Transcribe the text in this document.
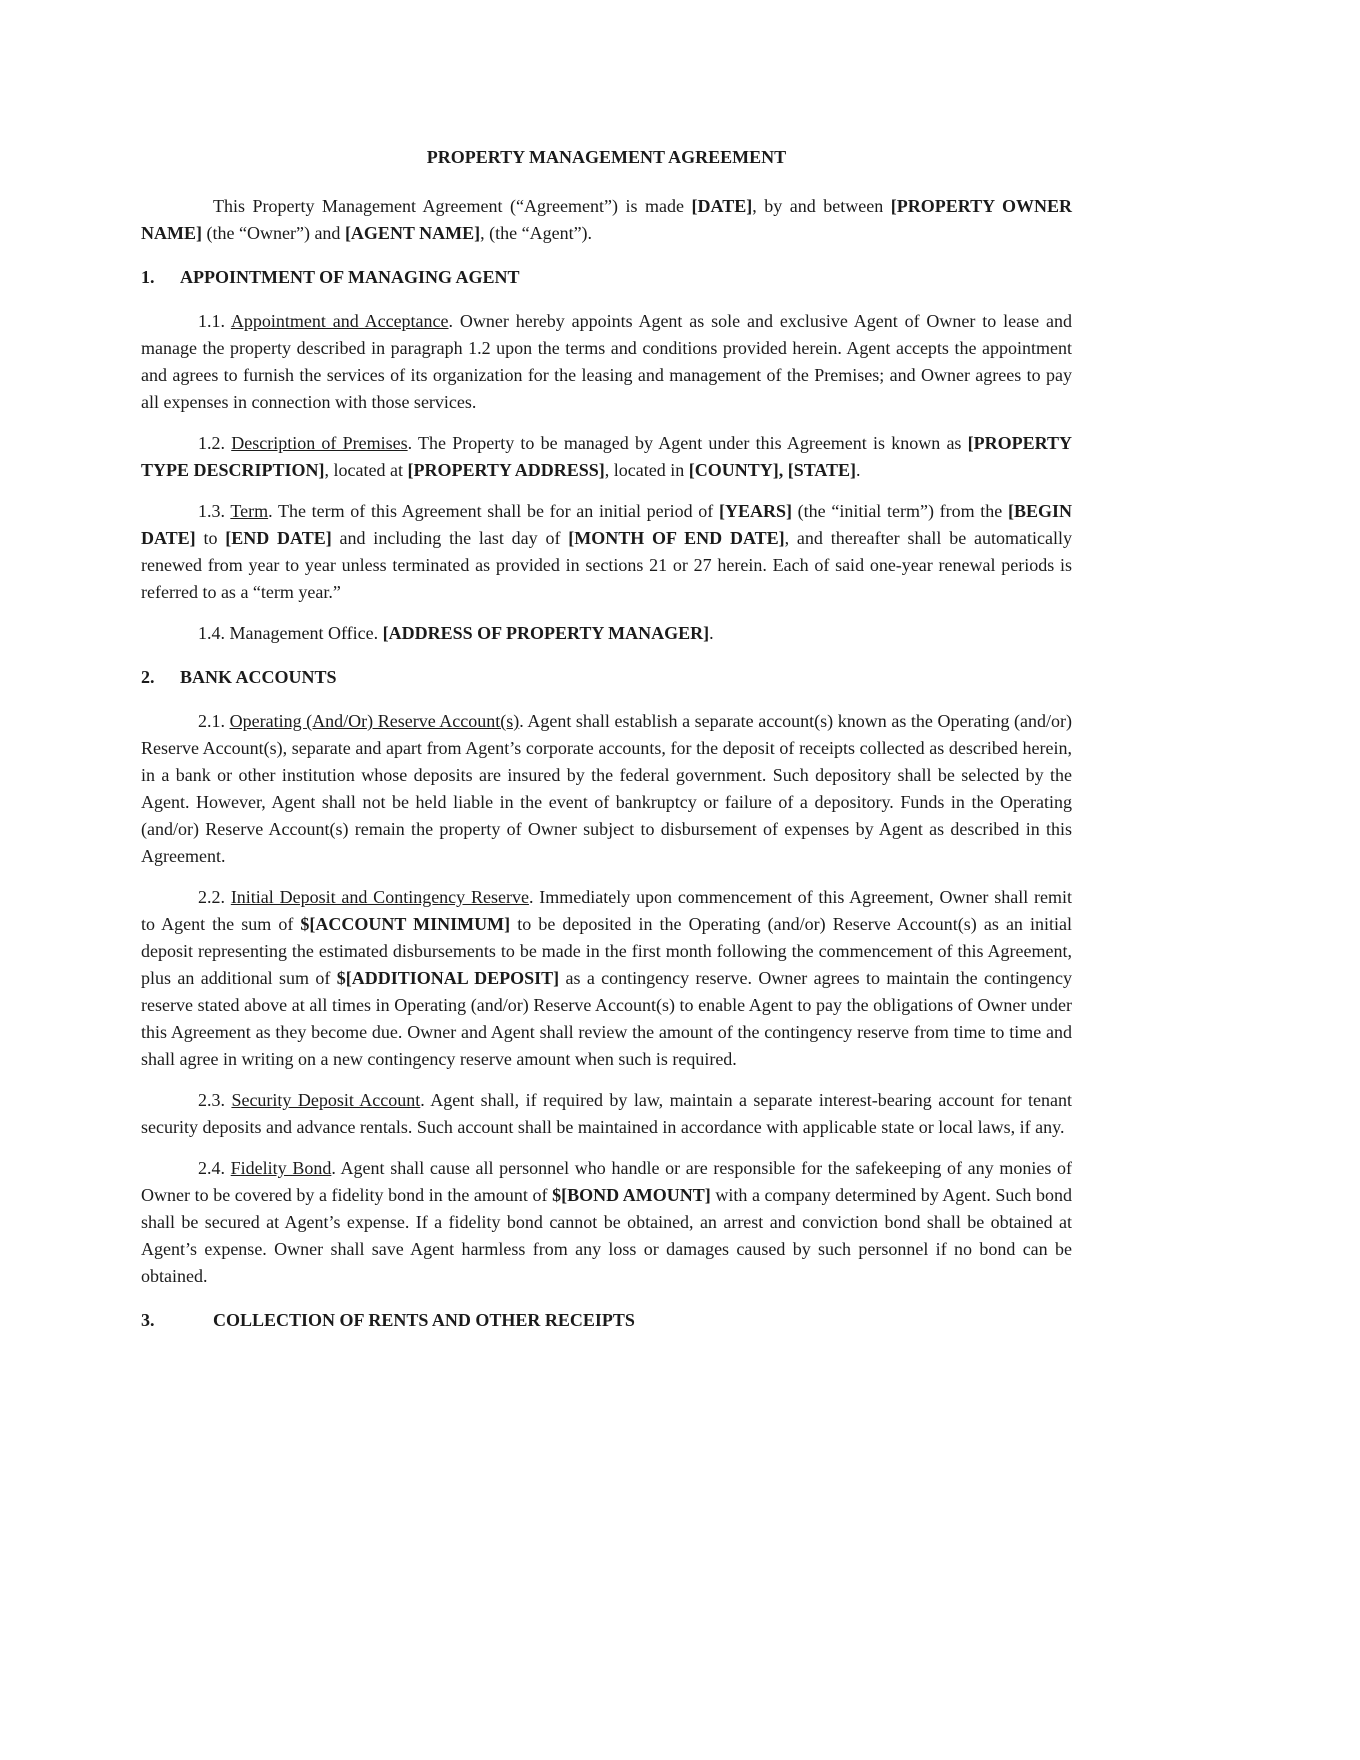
PROPERTY MANAGEMENT AGREEMENT

This Property Management Agreement (“Agreement”) is made [DATE], by and between [PROPERTY OWNER NAME] (the “Owner”) and [AGENT NAME], (the “Agent”).

1. APPOINTMENT OF MANAGING AGENT

1.1. Appointment and Acceptance. Owner hereby appoints Agent as sole and exclusive Agent of Owner to lease and manage the property described in paragraph 1.2 upon the terms and conditions provided herein. Agent accepts the appointment and agrees to furnish the services of its organization for the leasing and management of the Premises; and Owner agrees to pay all expenses in connection with those services.

1.2. Description of Premises. The Property to be managed by Agent under this Agreement is known as [PROPERTY TYPE DESCRIPTION], located at [PROPERTY ADDRESS], located in [COUNTY], [STATE].

1.3. Term. The term of this Agreement shall be for an initial period of [YEARS] (the “initial term”) from the [BEGIN DATE] to [END DATE] and including the last day of [MONTH OF END DATE], and thereafter shall be automatically renewed from year to year unless terminated as provided in sections 21 or 27 herein. Each of said one-year renewal periods is referred to as a “term year.”

1.4. Management Office. [ADDRESS OF PROPERTY MANAGER].

2. BANK ACCOUNTS

2.1. Operating (And/Or) Reserve Account(s). Agent shall establish a separate account(s) known as the Operating (and/or) Reserve Account(s), separate and apart from Agent’s corporate accounts, for the deposit of receipts collected as described herein, in a bank or other institution whose deposits are insured by the federal government. Such depository shall be selected by the Agent. However, Agent shall not be held liable in the event of bankruptcy or failure of a depository. Funds in the Operating (and/or) Reserve Account(s) remain the property of Owner subject to disbursement of expenses by Agent as described in this Agreement.

2.2. Initial Deposit and Contingency Reserve. Immediately upon commencement of this Agreement, Owner shall remit to Agent the sum of $[ACCOUNT MINIMUM] to be deposited in the Operating (and/or) Reserve Account(s) as an initial deposit representing the estimated disbursements to be made in the first month following the commencement of this Agreement, plus an additional sum of $[ADDITIONAL DEPOSIT] as a contingency reserve. Owner agrees to maintain the contingency reserve stated above at all times in Operating (and/or) Reserve Account(s) to enable Agent to pay the obligations of Owner under this Agreement as they become due. Owner and Agent shall review the amount of the contingency reserve from time to time and shall agree in writing on a new contingency reserve amount when such is required.

2.3. Security Deposit Account. Agent shall, if required by law, maintain a separate interest-bearing account for tenant security deposits and advance rentals. Such account shall be maintained in accordance with applicable state or local laws, if any.

2.4. Fidelity Bond. Agent shall cause all personnel who handle or are responsible for the safekeeping of any monies of Owner to be covered by a fidelity bond in the amount of $[BOND AMOUNT] with a company determined by Agent. Such bond shall be secured at Agent’s expense. If a fidelity bond cannot be obtained, an arrest and conviction bond shall be obtained at Agent’s expense. Owner shall save Agent harmless from any loss or damages caused by such personnel if no bond can be obtained.

3.	COLLECTION OF RENTS AND OTHER RECEIPTS
